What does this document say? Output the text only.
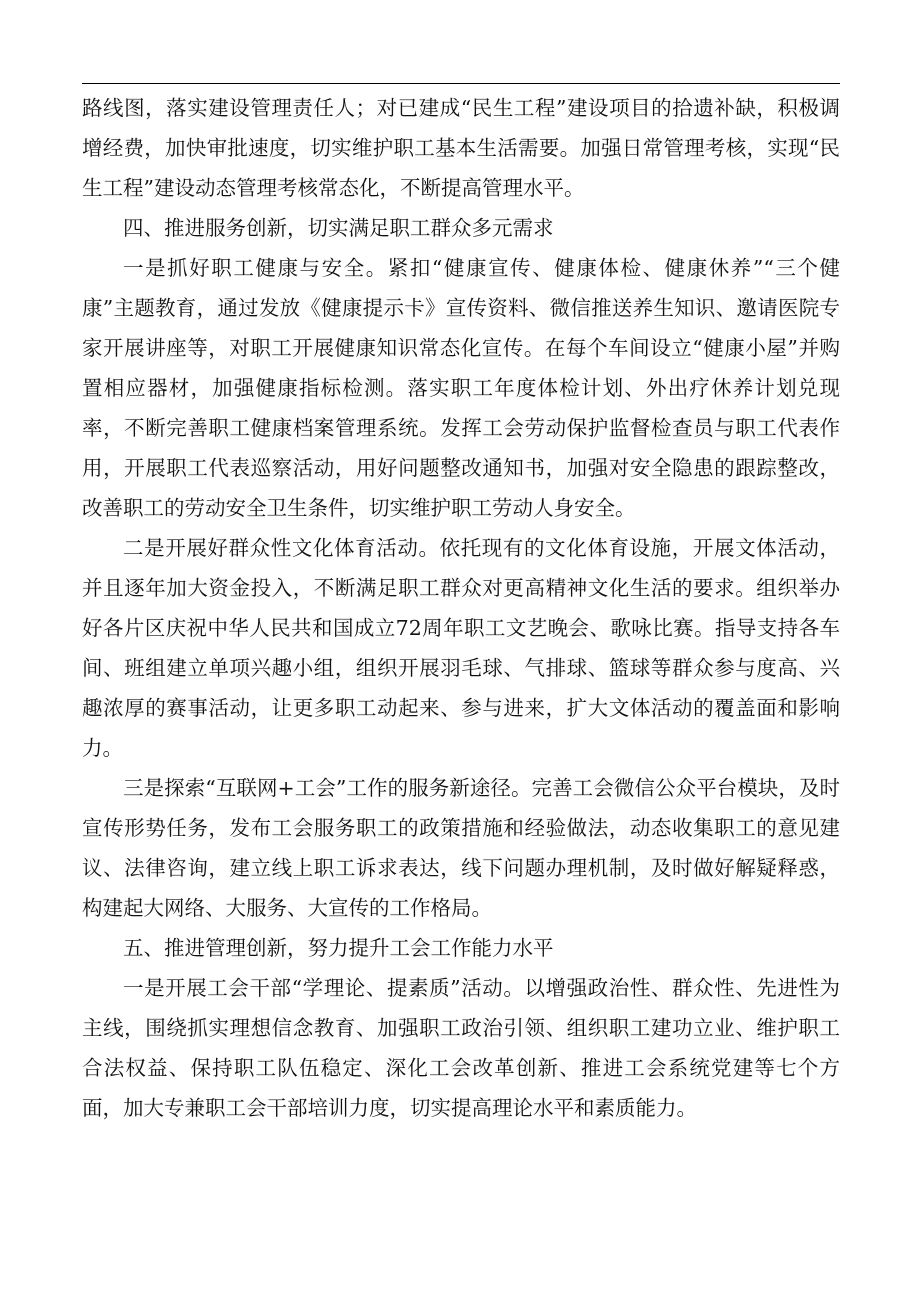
路线图，落实建设管理责任人；对已建成“民生工程”建设项目的拾遗补缺，积极调增经费，加快审批速度，切实维护职工基本生活需要。加强日常管理考核，实现“民生工程”建设动态管理考核常态化，不断提高管理水平。

四、推进服务创新，切实满足职工群众多元需求

一是抓好职工健康与安全。紧扣“健康宣传、健康体检、健康休养”“三个健康”主题教育，通过发放《健康提示卡》宣传资料、微信推送养生知识、邀请医院专家开展讲座等，对职工开展健康知识常态化宣传。在每个车间设立“健康小屋”并购置相应器材，加强健康指标检测。落实职工年度体检计划、外出疗休养计划兑现率，不断完善职工健康档案管理系统。发挥工会劳动保护监督检查员与职工代表作用，开展职工代表巡察活动，用好问题整改通知书，加强对安全隐患的跟踪整改，改善职工的劳动安全卫生条件，切实维护职工劳动人身安全。

二是开展好群众性文化体育活动。依托现有的文化体育设施，开展文体活动，并且逐年加大资金投入，不断满足职工群众对更高精神文化生活的要求。组织举办好各片区庆祝中华人民共和国成立72周年职工文艺晚会、歌咏比赛。指导支持各车间、班组建立单项兴趣小组，组织开展羽毛球、气排球、篮球等群众参与度高、兴趣浓厚的赛事活动，让更多职工动起来、参与进来，扩大文体活动的覆盖面和影响力。

三是探索“互联网+工会”工作的服务新途径。完善工会微信公众平台模块，及时宣传形势任务，发布工会服务职工的政策措施和经验做法，动态收集职工的意见建议、法律咨询，建立线上职工诉求表达，线下问题办理机制，及时做好解疑释惑，构建起大网络、大服务、大宣传的工作格局。

五、推进管理创新，努力提升工会工作能力水平

一是开展工会干部“学理论、提素质”活动。以增强政治性、群众性、先进性为主线，围绕抓实理想信念教育、加强职工政治引领、组织职工建功立业、维护职工合法权益、保持职工队伍稳定、深化工会改革创新、推进工会系统党建等七个方面，加大专兼职工会干部培训力度，切实提高理论水平和素质能力。
